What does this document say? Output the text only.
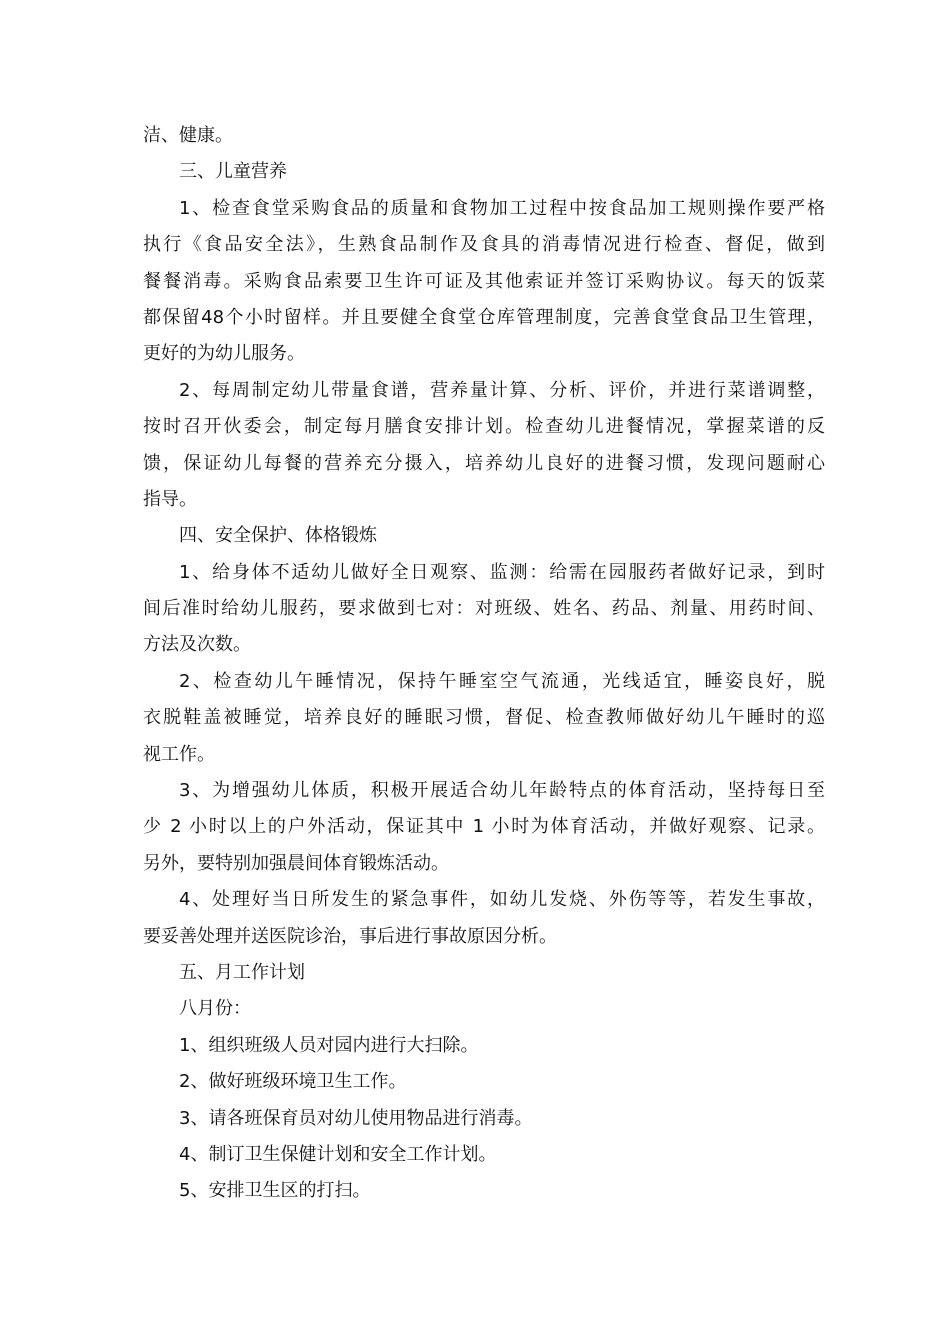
洁、健康。
三、儿童营养
1、检查食堂采购食品的质量和食物加工过程中按食品加工规则操作要严格
执行《食品安全法》，生熟食品制作及食具的消毒情况进行检查、督促，做到
餐餐消毒。采购食品索要卫生许可证及其他索证并签订采购协议。每天的饭菜
都保留48个小时留样。并且要健全食堂仓库管理制度，完善食堂食品卫生管理，
更好的为幼儿服务。
2、每周制定幼儿带量食谱，营养量计算、分析、评价，并进行菜谱调整，
按时召开伙委会，制定每月膳食安排计划。检查幼儿进餐情况，掌握菜谱的反
馈，保证幼儿每餐的营养充分摄入，培养幼儿良好的进餐习惯，发现问题耐心
指导。
四、安全保护、体格锻炼
1、给身体不适幼儿做好全日观察、监测：给需在园服药者做好记录，到时
间后准时给幼儿服药，要求做到七对：对班级、姓名、药品、剂量、用药时间、
方法及次数。
2、检查幼儿午睡情况，保持午睡室空气流通，光线适宜，睡姿良好，脱
衣脱鞋盖被睡觉，培养良好的睡眠习惯，督促、检查教师做好幼儿午睡时的巡
视工作。
3、为增强幼儿体质，积极开展适合幼儿年龄特点的体育活动，坚持每日至
少 2 小时以上的户外活动，保证其中 1 小时为体育活动，并做好观察、记录。
另外，要特别加强晨间体育锻炼活动。
4、处理好当日所发生的紧急事件，如幼儿发烧、外伤等等，若发生事故，
要妥善处理并送医院诊治，事后进行事故原因分析。
五、月工作计划
八月份：
1、组织班级人员对园内进行大扫除。
2、做好班级环境卫生工作。
3、请各班保育员对幼儿使用物品进行消毒。
4、制订卫生保健计划和安全工作计划。
5、安排卫生区的打扫。
